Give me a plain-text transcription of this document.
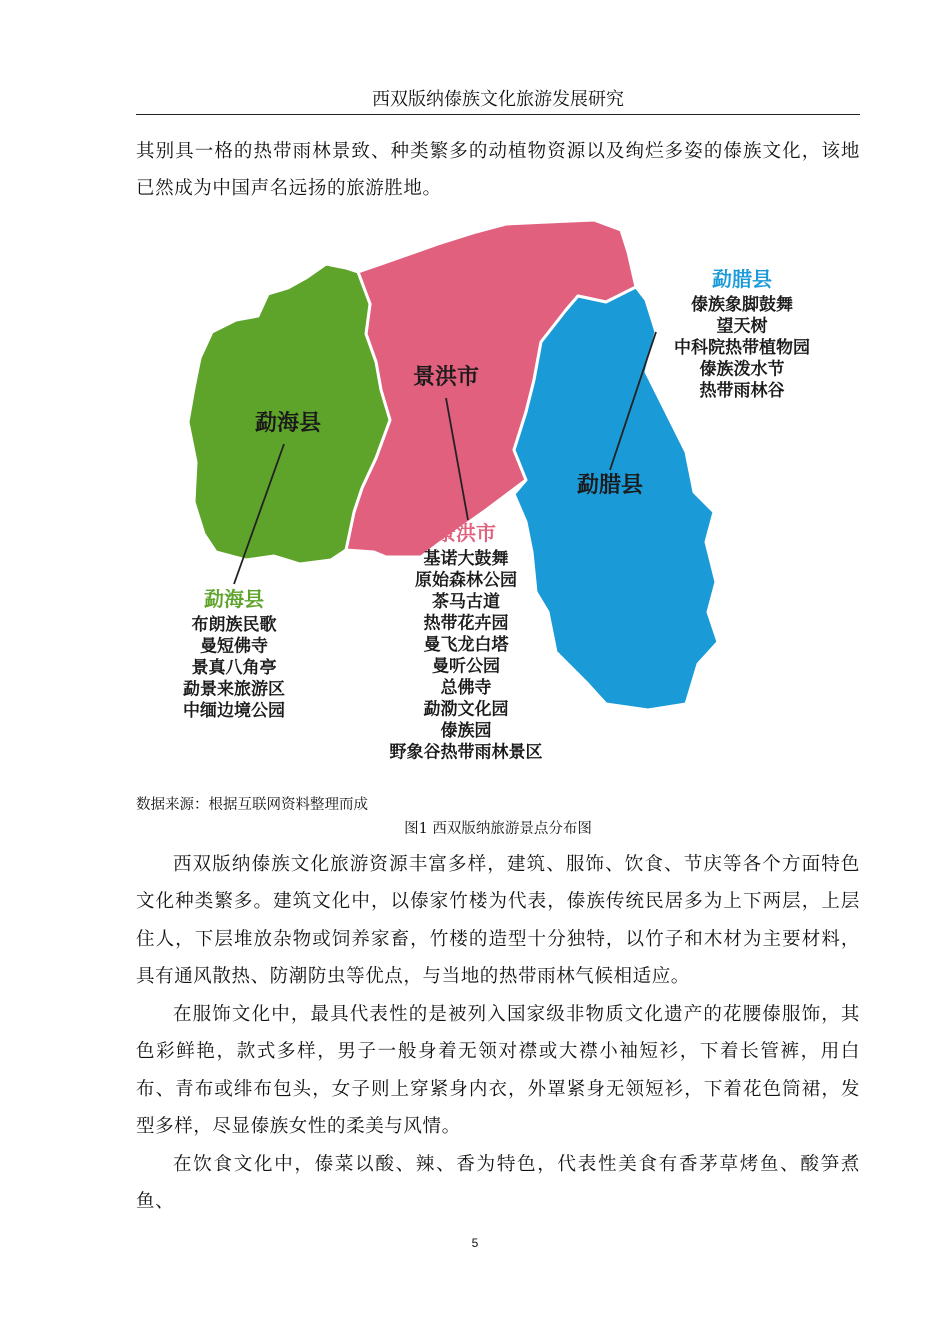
西双版纳傣族文化旅游发展研究

其别具一格的热带雨林景致、种类繁多的动植物资源以及绚烂多姿的傣族文化，该地已然成为中国声名远扬的旅游胜地。

勐海县
景洪市
勐腊县
勐海县
布朗族民歌
曼短佛寺
景真八角亭
勐景来旅游区
中缅边境公园
景洪市
基诺大鼓舞
原始森林公园
茶马古道
热带花卉园
曼飞龙白塔
曼听公园
总佛寺
勐泐文化园
傣族园
野象谷热带雨林景区
勐腊县
傣族象脚鼓舞
望天树
中科院热带植物园
傣族泼水节
热带雨林谷
数据来源：根据互联网资料整理而成
图1 西双版纳旅游景点分布图

西双版纳傣族文化旅游资源丰富多样，建筑、服饰、饮食、节庆等各个方面特色文化种类繁多。建筑文化中，以傣家竹楼为代表，傣族传统民居多为上下两层，上层住人，下层堆放杂物或饲养家畜，竹楼的造型十分独特，以竹子和木材为主要材料，具有通风散热、防潮防虫等优点，与当地的热带雨林气候相适应。

在服饰文化中，最具代表性的是被列入国家级非物质文化遗产的花腰傣服饰，其色彩鲜艳，款式多样，男子一般身着无领对襟或大襟小袖短衫，下着长管裤，用白布、青布或绯布包头，女子则上穿紧身内衣，外罩紧身无领短衫，下着花色筒裙，发型多样，尽显傣族女性的柔美与风情。

在饮食文化中，傣菜以酸、辣、香为特色，代表性美食有香茅草烤鱼、酸笋煮鱼、

5
